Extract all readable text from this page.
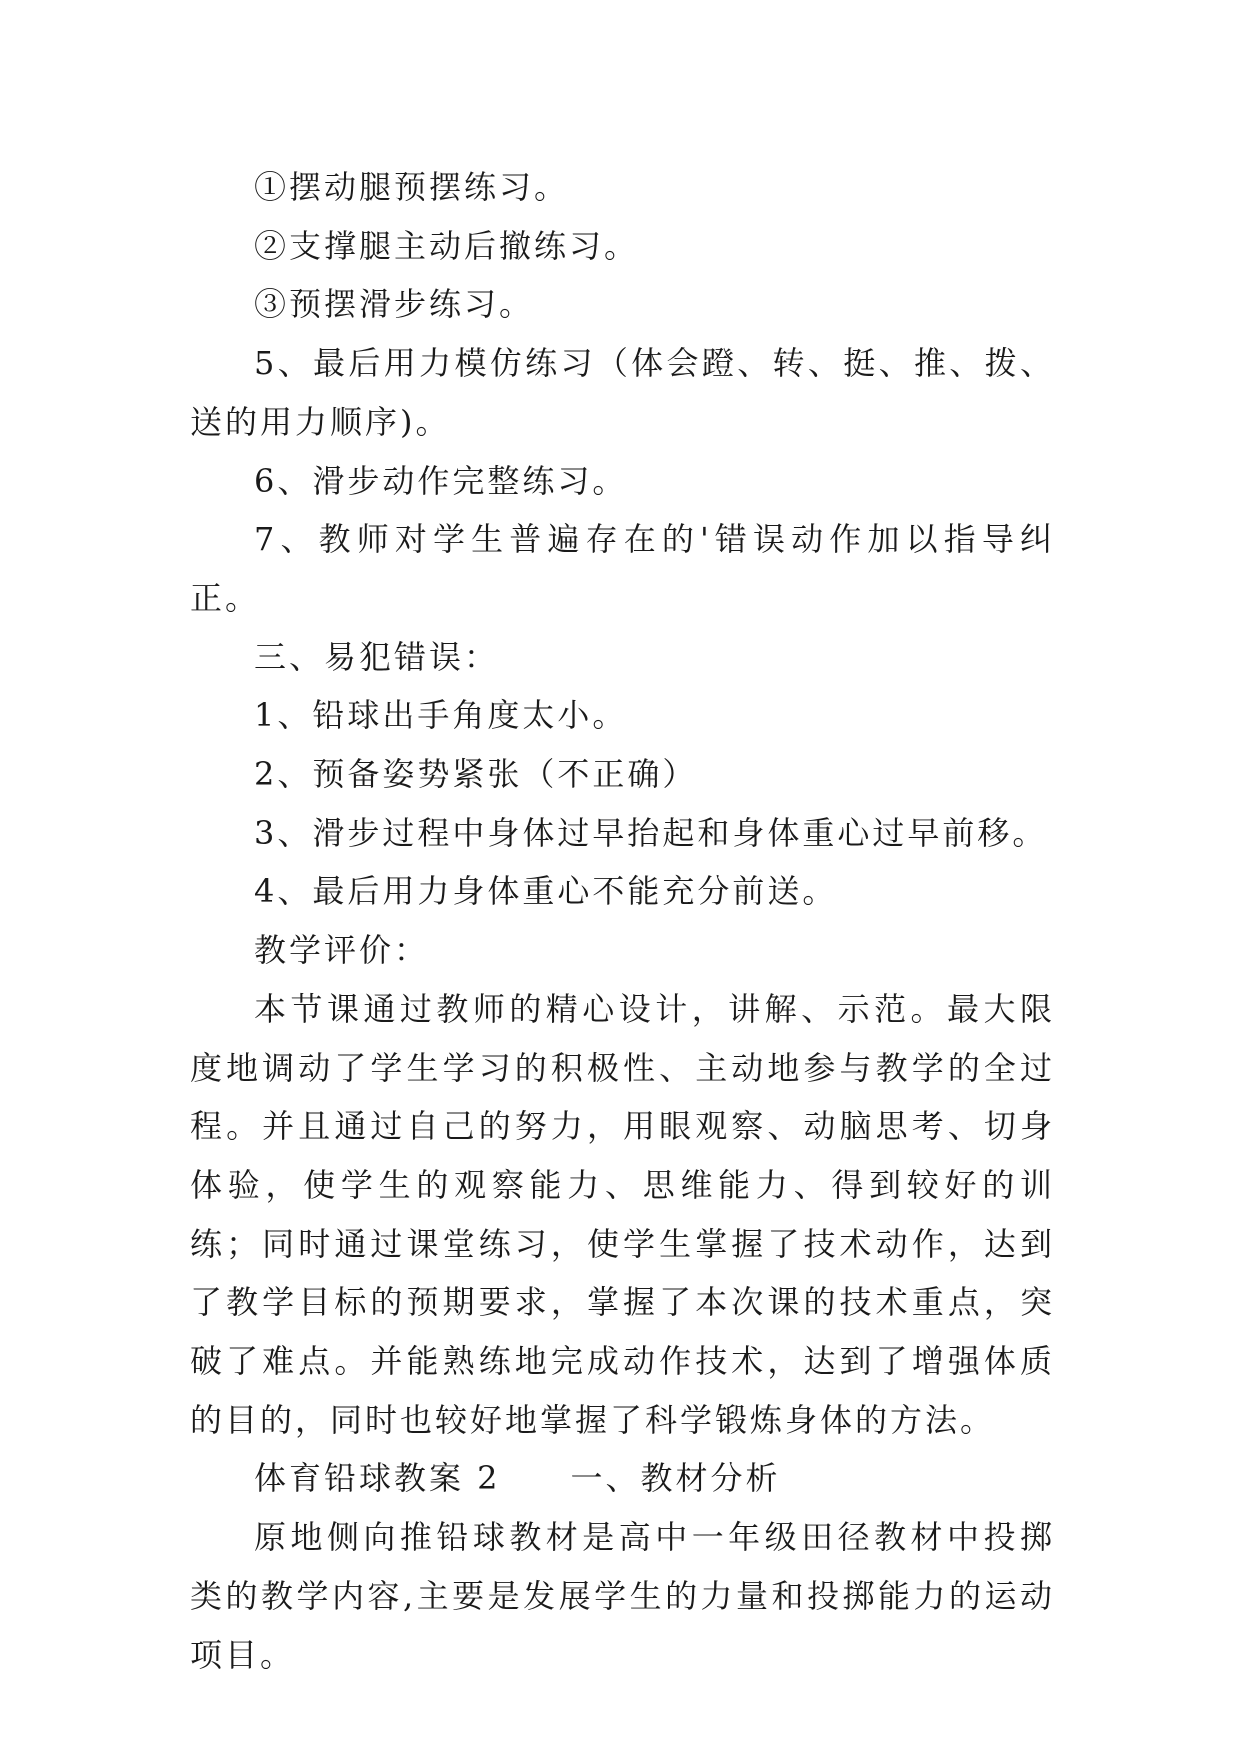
①摆动腿预摆练习。

②支撑腿主动后撤练习。

③预摆滑步练习。

5、最后用力模仿练习（体会蹬、转、挺、推、拨、送的用力顺序)。

6、滑步动作完整练习。

7、教师对学生普遍存在的'错误动作加以指导纠正。

三、易犯错误：

1、铅球出手角度太小。

2、预备姿势紧张（不正确）

3、滑步过程中身体过早抬起和身体重心过早前移。

4、最后用力身体重心不能充分前送。

教学评价：

本节课通过教师的精心设计，讲解、示范。最大限度地调动了学生学习的积极性、主动地参与教学的全过程。并且通过自己的努力，用眼观察、动脑思考、切身体验，使学生的观察能力、思维能力、得到较好的训练；同时通过课堂练习，使学生掌握了技术动作，达到了教学目标的预期要求，掌握了本次课的技术重点，突破了难点。并能熟练地完成动作技术，达到了增强体质的目的，同时也较好地掌握了科学锻炼身体的方法。

体育铅球教案 2 一、教材分析

原地侧向推铅球教材是高中一年级田径教材中投掷类的教学内容,主要是发展学生的力量和投掷能力的运动项目。
